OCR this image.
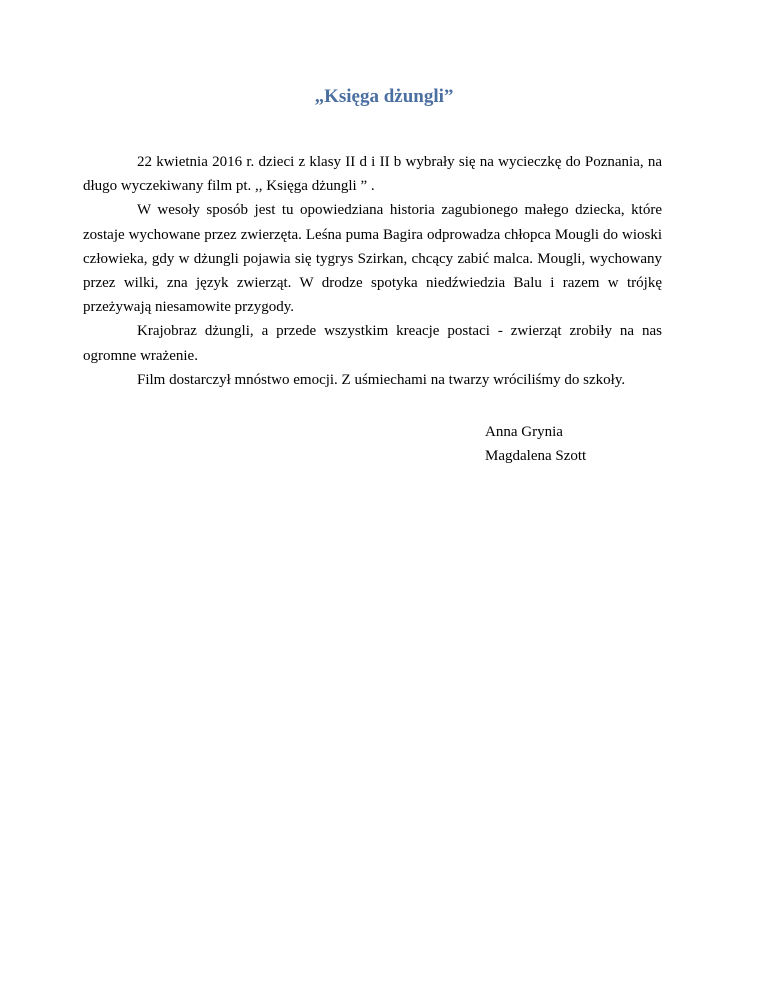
„Księga dżungli”

22 kwietnia 2016 r. dzieci z klasy II d i II b wybrały się na wycieczkę do Poznania, na długo wyczekiwany film pt. ,, Księga dżungli ” .

W wesoły sposób jest tu opowiedziana historia zagubionego małego dziecka, które zostaje wychowane przez zwierzęta. Leśna puma Bagira odprowadza chłopca Mougli do wioski człowieka, gdy w dżungli pojawia się tygrys Szirkan, chcący zabić malca. Mougli, wychowany przez wilki, zna język zwierząt. W drodze spotyka niedźwiedzia Balu i razem w trójkę przeżywają niesamowite przygody.

Krajobraz dżungli, a przede wszystkim kreacje postaci - zwierząt zrobiły na nas ogromne wrażenie.

Film dostarczył mnóstwo emocji. Z uśmiechami na twarzy wróciliśmy do szkoły.

Anna Grynia
Magdalena Szott
